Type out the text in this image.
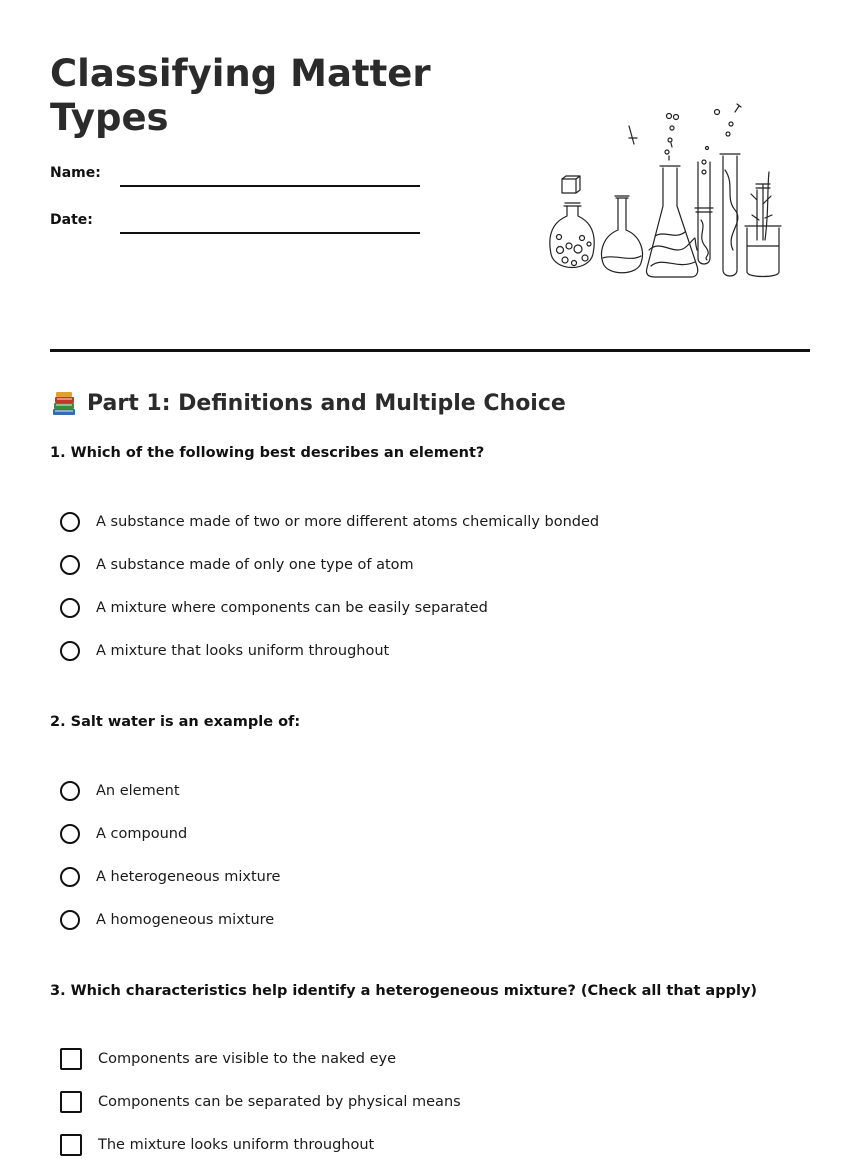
Classifying Matter
Types
Name:
Date:
Part 1: Definitions and Multiple Choice

1. Which of the following best describes an element?

A substance made of two or more different atoms chemically bonded
A substance made of only one type of atom
A mixture where components can be easily separated
A mixture that looks uniform throughout

2. Salt water is an example of:

An element
A compound
A heterogeneous mixture
A homogeneous mixture

3. Which characteristics help identify a heterogeneous mixture? (Check all that apply)

Components are visible to the naked eye
Components can be separated by physical means
The mixture looks uniform throughout
